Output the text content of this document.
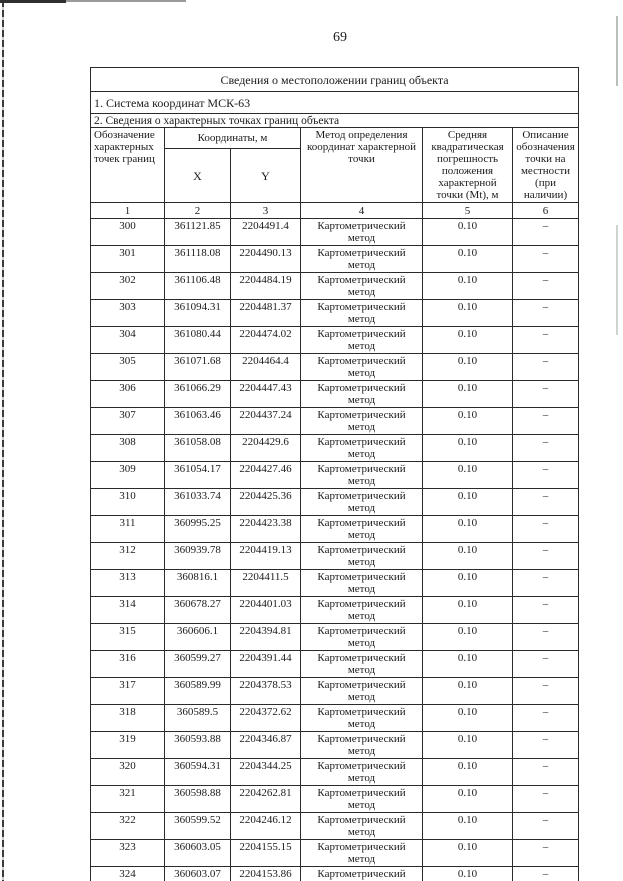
69
Сведения о местоположении границ объекта					
1. Система координат МСК-63					
2. Сведения о характерных точках границ объекта					
Обозначение характерных точек границ	Координаты, м		Метод определения координат характерной точки	Средняя квадратическая погрешность положения характерной точки (Mt), м	Описание обозначения точки на местности (при наличии)
	X	Y			
1	2	3	4	5	6
300	361121.85	2204491.4	Картометрический метод	0.10	–
301	361118.08	2204490.13	Картометрический метод	0.10	–
302	361106.48	2204484.19	Картометрический метод	0.10	–
303	361094.31	2204481.37	Картометрический метод	0.10	–
304	361080.44	2204474.02	Картометрический метод	0.10	–
305	361071.68	2204464.4	Картометрический метод	0.10	–
306	361066.29	2204447.43	Картометрический метод	0.10	–
307	361063.46	2204437.24	Картометрический метод	0.10	–
308	361058.08	2204429.6	Картометрический метод	0.10	–
309	361054.17	2204427.46	Картометрический метод	0.10	–
310	361033.74	2204425.36	Картометрический метод	0.10	–
311	360995.25	2204423.38	Картометрический метод	0.10	–
312	360939.78	2204419.13	Картометрический метод	0.10	–
313	360816.1	2204411.5	Картометрический метод	0.10	–
314	360678.27	2204401.03	Картометрический метод	0.10	–
315	360606.1	2204394.81	Картометрический метод	0.10	–
316	360599.27	2204391.44	Картометрический метод	0.10	–
317	360589.99	2204378.53	Картометрический метод	0.10	–
318	360589.5	2204372.62	Картометрический метод	0.10	–
319	360593.88	2204346.87	Картометрический метод	0.10	–
320	360594.31	2204344.25	Картометрический метод	0.10	–
321	360598.88	2204262.81	Картометрический метод	0.10	–
322	360599.52	2204246.12	Картометрический метод	0.10	–
323	360603.05	2204155.15	Картометрический метод	0.10	–
324	360603.07	2204153.86	Картометрический	0.10	–
